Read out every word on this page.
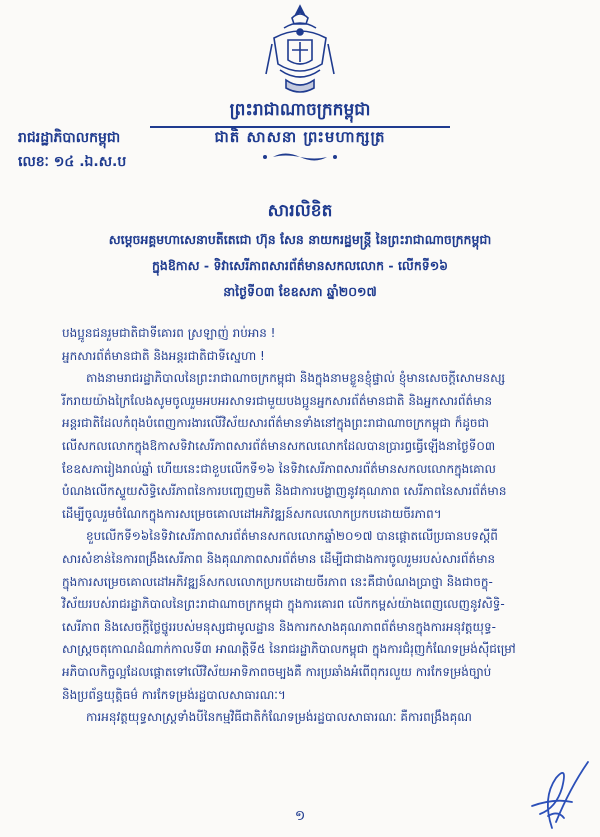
ព្រះរាជាណាចក្រកម្ពុជា
ជាតិ សាសនា ព្រះមហាក្សត្រ
រាជរដ្ឋាភិបាលកម្ពុជា
លេខៈ ១៤ .ឯ.ស.ប
សារលិខិត
សម្តេចអគ្គមហាសេនាបតីតេជោ ហ៊ុន សែន នាយករដ្ឋមន្ត្រី នៃព្រះរាជាណាចក្រកម្ពុជា
ក្នុងឱកាស - ទិវាសេរីភាពសារព័ត៌មានសកលលោក - លើកទី១៦
នាថ្ងៃទី០៣ ខែឧសភា ឆ្នាំ២០១៧

បងប្អូនជនរួមជាតិជាទីគោរព ស្រឡាញ់ រាប់អាន !

អ្នកសារព័ត៌មានជាតិ និងអន្តរជាតិជាទីស្នេហា !

តាងនាមរាជរដ្ឋាភិបាលនៃព្រះរាជាណាចក្រកម្ពុជា និងក្នុងនាមខ្លួនខ្ញុំផ្ទាល់ ខ្ញុំមានសេចក្តីសោមនស្ស
រីករាយយ៉ាងក្រៃលែងសូមចូលរួមអបអរសាទរជាមួយបងប្អូនអ្នកសារព័ត៌មានជាតិ និងអ្នកសារព័ត៌មាន
អន្តរជាតិដែលកំពុងបំពេញការងារលើវិស័យសារព័ត៌មានទាំងនៅក្នុងព្រះរាជាណាចក្រកម្ពុជា ក៏ដូចជា
លើសកលលោកក្នុងឱកាសទិវាសេរីភាពសារព័ត៌មានសកលលោកដែលបានប្រារព្ធធ្វើឡើងនាថ្ងៃទី០៣
ខែឧសភារៀងរាល់ឆ្នាំ ហើយនេះជាខួបលើកទី១៦ នៃទិវាសេរីភាពសារព័ត៌មានសកលលោកក្នុងគោល
បំណងលើកស្ទួយសិទ្ធិសេរីភាពនៃការបញ្ចេញមតិ និងជាការបង្ហាញនូវគុណភាព សេរីភាពនៃសារព័ត៌មាន
ដើម្បីចូលរួមចំណែកក្នុងការសម្រេចគោលដៅអភិវឌ្ឍន៍សកលលោកប្រកបដោយចីរភាព។

ខួបលើកទី១៦នៃទិវាសេរីភាពសារព័ត៌មានសកលលោកឆ្នាំ២០១៧ បានផ្តោតលើប្រធានបទស្តីពី
សារសំខាន់នៃការពង្រឹងសេរីភាព និងគុណភាពសារព័ត៌មាន ដើម្បីជាជាងការចូលរួមរបស់សារព័ត៌មាន
ក្នុងការសម្រេចគោលដៅអភិវឌ្ឍន៍សកលលោកប្រកបដោយចីរភាព នេះគឺជាបំណងប្រាថ្នា និងជាចក្ខុ-
វិស័យរបស់រាជរដ្ឋាភិបាលនៃព្រះរាជាណាចក្រកម្ពុជា ក្នុងការគោរព លើកកម្ពស់យ៉ាងពេញលេញនូវសិទ្ធិ-
សេរីភាព និងសេចក្តីថ្លៃថ្នូររបស់មនុស្សជាមូលដ្ឋាន និងការកសាងគុណភាពព័ត៌មានក្នុងការអនុវត្តយុទ្ធ-
សាស្ត្រចតុកោណដំណាក់កាលទី៣ អាណត្តិទី៥ នៃរាជរដ្ឋាភិបាលកម្ពុជា ក្នុងការជំរុញកំណែទម្រង់ស៊ីជម្រៅ
អភិបាលកិច្ចល្អដែលផ្តោតទៅលើវិស័យអាទិភាពចម្បងគឺ ការប្រឆាំងអំពើពុករលួយ ការកែទម្រង់ច្បាប់
និងប្រព័ន្ធយុត្តិធម៌ ការកែទម្រង់រដ្ឋបាលសាធារណៈ។

ការអនុវត្តយុទ្ធសាស្ត្រទាំងបីនៃកម្មវិធីជាតិកំណែទម្រង់រដ្ឋបាលសាធារណៈ គឺការពង្រឹងគុណ

១
